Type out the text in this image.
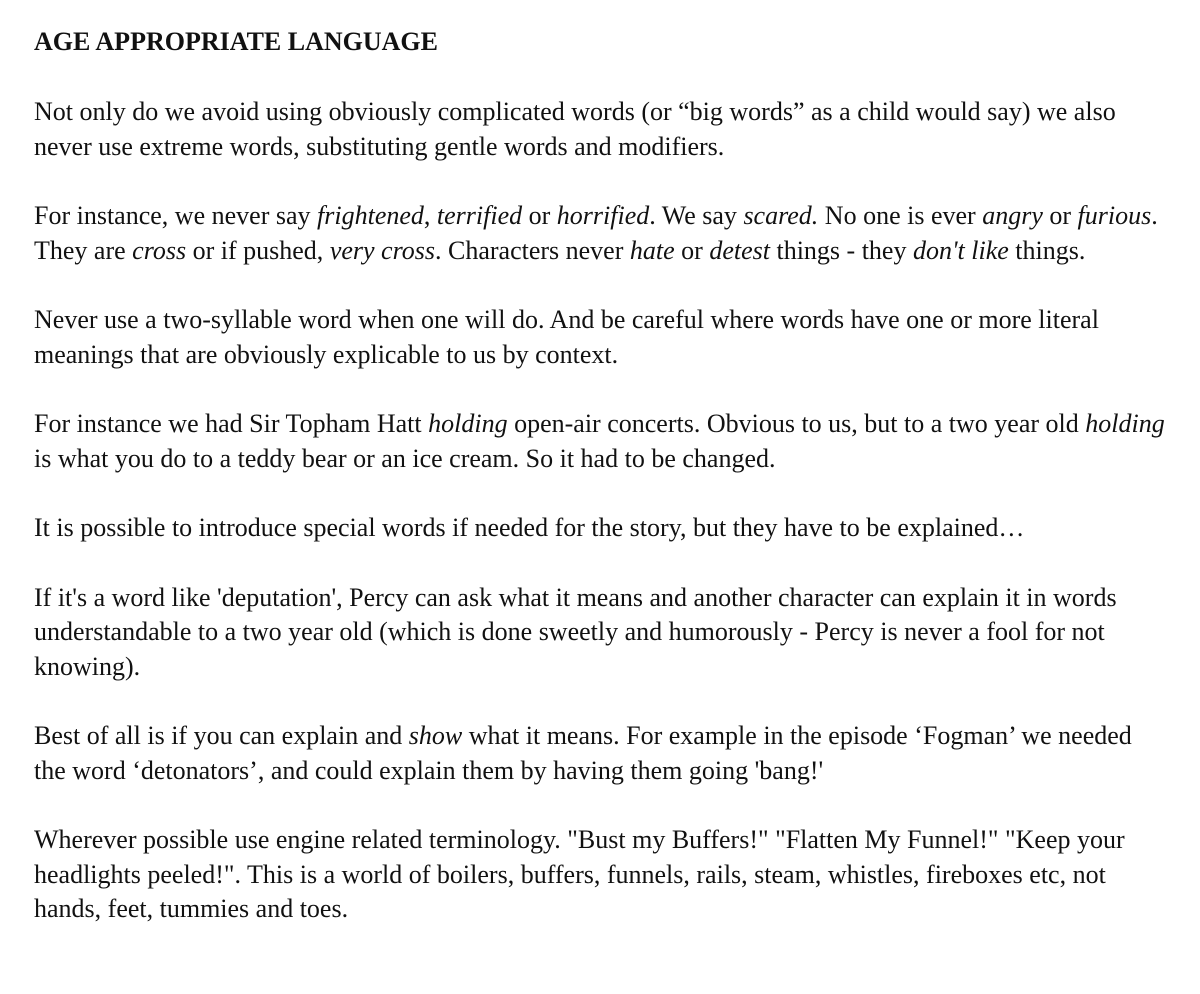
AGE APPROPRIATE LANGUAGE

Not only do we avoid using obviously complicated words (or “big words” as a child would say) we also never use extreme words, substituting gentle words and modifiers.

For instance, we never say frightened, terrified or horrified. We say scared. No one is ever angry or furious. They are cross or if pushed, very cross. Characters never hate or detest things - they don't like things.

Never use a two-syllable word when one will do. And be careful where words have one or more literal meanings that are obviously explicable to us by context.

For instance we had Sir Topham Hatt holding open-air concerts. Obvious to us, but to a two year old holding is what you do to a teddy bear or an ice cream. So it had to be changed.

It is possible to introduce special words if needed for the story, but they have to be explained…

If it's a word like 'deputation', Percy can ask what it means and another character can explain it in words understandable to a two year old (which is done sweetly and humorously - Percy is never a fool for not knowing).

Best of all is if you can explain and show what it means. For example in the episode ‘Fogman’ we needed the word ‘detonators’, and could explain them by having them going 'bang!'

Wherever possible use engine related terminology. "Bust my Buffers!" "Flatten My Funnel!" "Keep your headlights peeled!". This is a world of boilers, buffers, funnels, rails, steam, whistles, fireboxes etc, not hands, feet, tummies and toes.
